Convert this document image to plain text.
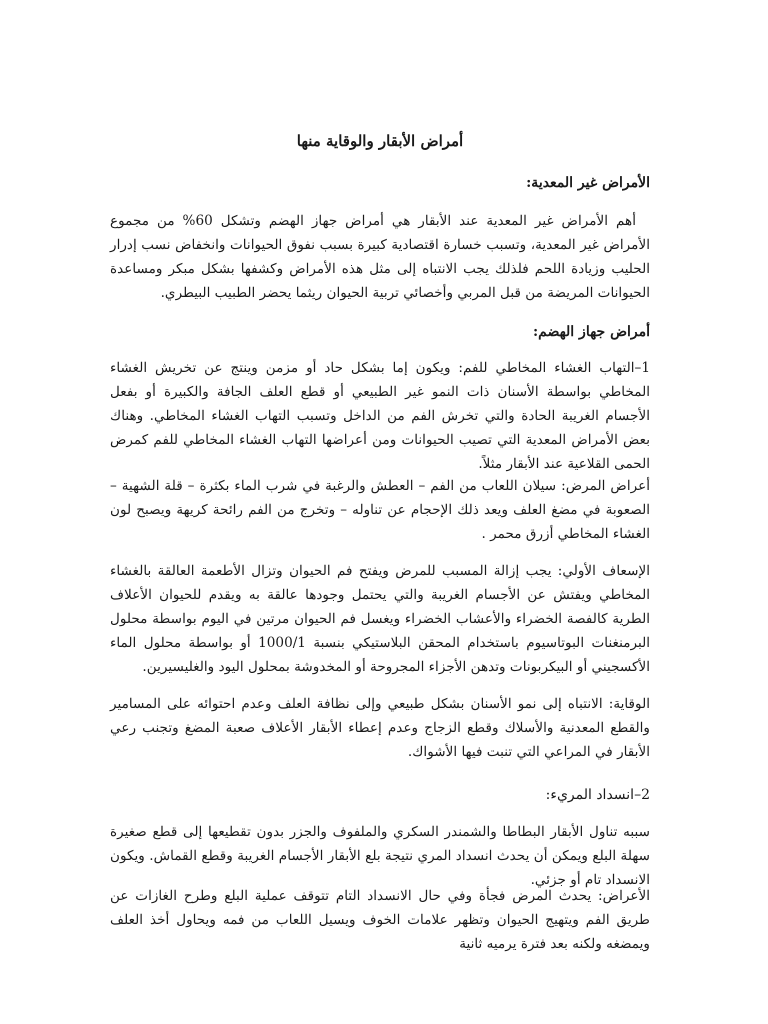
أمراض الأبقار والوقاية منها
الأمراض غير المعدية:

أهم الأمراض غير المعدية عند الأبقار هي أمراض جهاز الهضم وتشكل 60% من مجموع الأمراض غير المعدية، وتسبب خسارة اقتصادية كبيرة بسبب نفوق الحيوانات وانخفاض نسب إدرار الحليب وزيادة اللحم فلذلك يجب الانتباه إلى مثل هذه الأمراض وكشفها بشكل مبكر ومساعدة الحيوانات المريضة من قبل المربي وأخصائي تربية الحيوان ريثما يحضر الطبيب البيطري.

أمراض جهاز الهضم:

1–التهاب الغشاء المخاطي للفم: ويكون إما بشكل حاد أو مزمن وينتج عن تخريش الغشاء المخاطي بواسطة الأسنان ذات النمو غير الطبيعي أو قطع العلف الجافة والكبيرة أو بفعل الأجسام الغريبة الحادة والتي تخرش الفم من الداخل وتسبب التهاب الغشاء المخاطي. وهناك بعض الأمراض المعدية التي تصيب الحيوانات ومن أعراضها التهاب الغشاء المخاطي للفم كمرض الحمى القلاعية عند الأبقار مثلاً.

أعراض المرض: سيلان اللعاب من الفم – العطش والرغبة في شرب الماء بكثرة – قلة الشهية – الصعوبة في مضغ العلف ويعد ذلك الإحجام عن تناوله – وتخرج من الفم رائحة كريهة ويصبح لون الغشاء المخاطي أزرق محمر .

الإسعاف الأولي: يجب إزالة المسبب للمرض ويفتح فم الحيوان وتزال الأطعمة العالقة بالغشاء المخاطي ويفتش عن الأجسام الغريبة والتي يحتمل وجودها عالقة به ويقدم للحيوان الأعلاف الطرية كالفصة الخضراء والأعشاب الخضراء ويغسل فم الحيوان مرتين في اليوم بواسطة محلول البرمنغنات البوتاسيوم باستخدام المحقن البلاستيكي بنسبة 1000/1 أو بواسطة محلول الماء الأكسجيني أو البيكربونات وتدهن الأجزاء المجروحة أو المخدوشة بمحلول اليود والغليسيرين.

الوقاية: الانتباه إلى نمو الأسنان بشكل طبيعي وإلى نظافة العلف وعدم احتوائه على المسامير والقطع المعدنية والأسلاك وقطع الزجاج وعدم إعطاء الأبقار الأعلاف صعبة المضغ وتجنب رعي الأبقار في المراعي التي تنبت فيها الأشواك.

2–انسداد المريء:

سببه تناول الأبقار البطاطا والشمندر السكري والملفوف والجزر بدون تقطيعها إلى قطع صغيرة سهلة البلع ويمكن أن يحدث انسداد المري نتيجة بلع الأبقار الأجسام الغريبة وقطع القماش. ويكون الانسداد تام أو جزئي.

الأعراض: يحدث المرض فجأة وفي حال الانسداد التام تتوقف عملية البلع وطرح الغازات عن طريق الفم ويتهيج الحيوان وتظهر علامات الخوف ويسيل اللعاب من فمه ويحاول أخذ العلف ويمضغه ولكنه بعد فترة يرميه ثانية
